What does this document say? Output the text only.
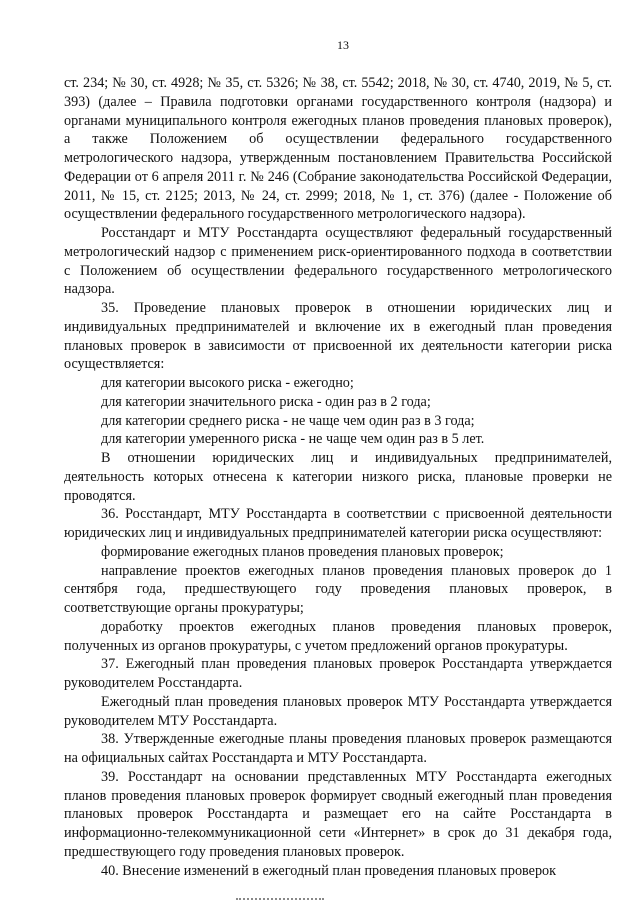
13

ст. 234; № 30, ст. 4928; № 35, ст. 5326; № 38, ст. 5542; 2018, № 30, ст. 4740, 2019, № 5, ст. 393) (далее – Правила подготовки органами государственного контроля (надзора) и органами муниципального контроля ежегодных планов проведения плановых проверок), а также Положением об осуществлении федерального государственного метрологического надзора, утвержденным постановлением Правительства Российской Федерации от 6 апреля 2011 г. № 246 (Собрание законодательства Российской Федерации, 2011, № 15, ст. 2125; 2013, № 24, ст. 2999; 2018, № 1, ст. 376) (далее - Положение об осуществлении федерального государственного метрологического надзора).

Росстандарт и МТУ Росстандарта осуществляют федеральный государственный метрологический надзор с применением риск-ориентированного подхода в соответствии с Положением об осуществлении федерального государственного метрологического надзора.

35. Проведение плановых проверок в отношении юридических лиц и индивидуальных предпринимателей и включение их в ежегодный план проведения плановых проверок в зависимости от присвоенной их деятельности категории риска осуществляется:

для категории высокого риска - ежегодно;

для категории значительного риска - один раз в 2 года;

для категории среднего риска - не чаще чем один раз в 3 года;

для категории умеренного риска - не чаще чем один раз в 5 лет.

В отношении юридических лиц и индивидуальных предпринимателей, деятельность которых отнесена к категории низкого риска, плановые проверки не проводятся.

36. Росстандарт, МТУ Росстандарта в соответствии с присвоенной деятельности юридических лиц и индивидуальных предпринимателей категории риска осуществляют:

формирование ежегодных планов проведения плановых проверок;

направление проектов ежегодных планов проведения плановых проверок до 1 сентября года, предшествующего году проведения плановых проверок, в соответствующие органы прокуратуры;

доработку проектов ежегодных планов проведения плановых проверок, полученных из органов прокуратуры, с учетом предложений органов прокуратуры.

37. Ежегодный план проведения плановых проверок Росстандарта утверждается руководителем Росстандарта.

Ежегодный план проведения плановых проверок МТУ Росстандарта утверждается руководителем МТУ Росстандарта.

38. Утвержденные ежегодные планы проведения плановых проверок размещаются на официальных сайтах Росстандарта и МТУ Росстандарта.

39. Росстандарт на основании представленных МТУ Росстандарта ежегодных планов проведения плановых проверок формирует сводный ежегодный план проведения плановых проверок Росстандарта и размещает его на сайте Росстандарта в информационно-телекоммуникационной сети «Интернет» в срок до 31 декабря года, предшествующего году проведения плановых проверок.

40. Внесение изменений в ежегодный план проведения плановых проверок
